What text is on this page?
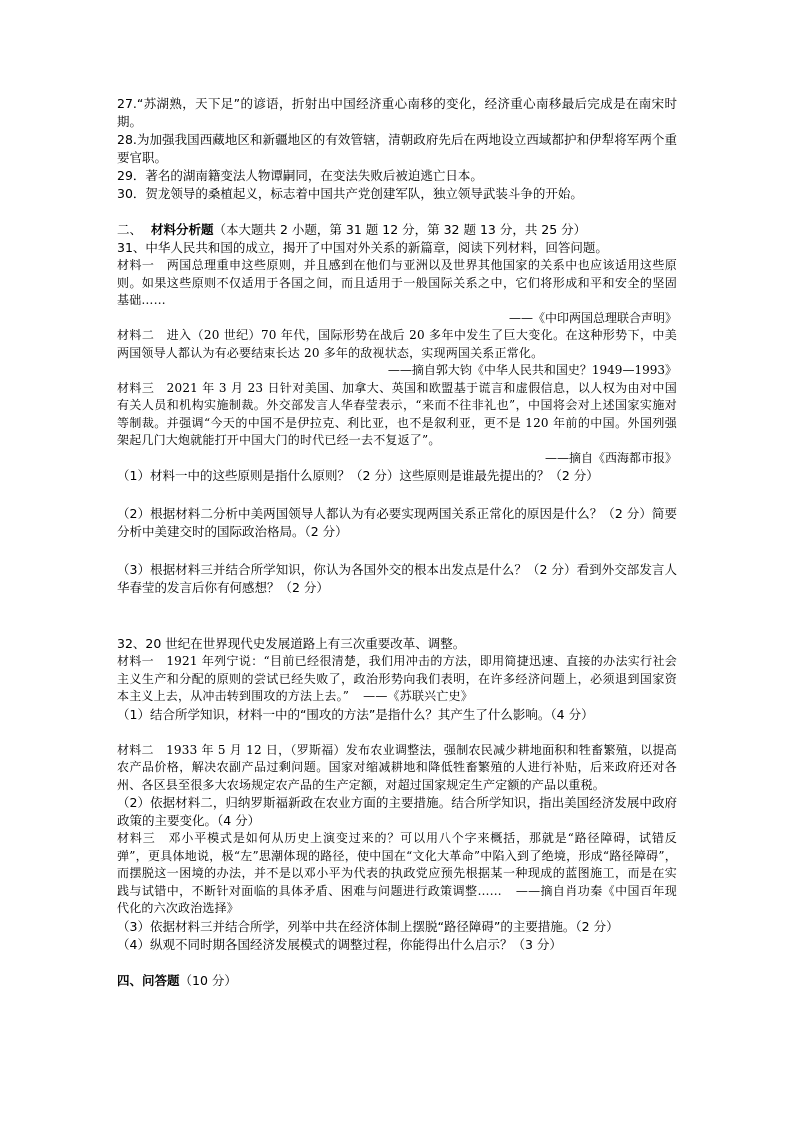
27.“苏湖熟，天下足”的谚语，折射出中国经济重心南移的变化，经济重心南移最后完成是在南宋时期。

28.为加强我国西藏地区和新疆地区的有效管辖，清朝政府先后在两地设立西域都护和伊犁将军两个重要官职。

29．著名的湖南籍变法人物谭嗣同，在变法失败后被迫逃亡日本。

30．贺龙领导的桑植起义，标志着中国共产党创建军队，独立领导武装斗争的开始。

二、 材料分析题（本大题共 2 小题，第 31 题 12 分，第 32 题 13 分，共 25 分）

31、中华人民共和国的成立，揭开了中国对外关系的新篇章，阅读下列材料，回答问题。

材料一　两国总理重申这些原则，并且感到在他们与亚洲以及世界其他国家的关系中也应该适用这些原则。如果这些原则不仅适用于各国之间，而且适用于一般国际关系之中，它们将形成和平和安全的坚固基础……

——《中印两国总理联合声明》

材料二　进入（20 世纪）70 年代，国际形势在战后 20 多年中发生了巨大变化。在这种形势下，中美两国领导人都认为有必要结束长达 20 多年的敌视状态，实现两国关系正常化。

——摘自郭大钧《中华人民共和国史？1949—1993》

材料三　2021 年 3 月 23 日针对美国、加拿大、英国和欧盟基于谎言和虚假信息，以人权为由对中国有关人员和机构实施制裁。外交部发言人华春莹表示，“来而不往非礼也”，中国将会对上述国家实施对等制裁。并强调“今天的中国不是伊拉克、利比亚，也不是叙利亚，更不是 120 年前的中国。外国列强架起几门大炮就能打开中国大门的时代已经一去不复返了”。

——摘自《西海都市报》

（1）材料一中的这些原则是指什么原则？（2 分）这些原则是谁最先提出的？（2 分）

（2）根据材料二分析中美两国领导人都认为有必要实现两国关系正常化的原因是什么？（2 分）简要分析中美建交时的国际政治格局。（2 分）

（3）根据材料三并结合所学知识，你认为各国外交的根本出发点是什么？（2 分）看到外交部发言人华春莹的发言后你有何感想？（2 分）

32、20 世纪在世界现代史发展道路上有三次重要改革、调整。

材料一　1921 年列宁说：“目前已经很清楚，我们用冲击的方法，即用简捷迅速、直接的办法实行社会主义生产和分配的原则的尝试已经失败了，政治形势向我们表明，在许多经济问题上，必须退到国家资本主义上去，从冲击转到围攻的方法上去。” ——《苏联兴亡史》

（1）结合所学知识，材料一中的“围攻的方法”是指什么？其产生了什么影响。（4 分）

材料二　1933 年 5 月 12 日，（罗斯福）发布农业调整法，强制农民减少耕地面积和牲畜繁殖，以提高农产品价格，解决农副产品过剩问题。国家对缩减耕地和降低牲畜繁殖的人进行补贴，后来政府还对各州、各区县至很多大农场规定农产品的生产定额，对超过国家规定生产定额的产品以重税。

（2）依据材料二，归纳罗斯福新政在农业方面的主要措施。结合所学知识，指出美国经济发展中政府政策的主要变化。（4 分）

材料三　邓小平模式是如何从历史上演变过来的？可以用八个字来概括，那就是“路径障碍，试错反弹”，更具体地说，极“左”思潮体现的路径，使中国在“文化大革命”中陷入到了绝境，形成“路径障碍”，而摆脱这一困境的办法，并不是以邓小平为代表的执政党应预先根据某一种现成的蓝图施工，而是在实践与试错中，不断针对面临的具体矛盾、困难与问题进行政策调整…… ——摘自肖功秦《中国百年现代化的六次政治选择》

（3）依据材料三并结合所学，列举中共在经济体制上摆脱“路径障碍”的主要措施。（2 分）

（4）纵观不同时期各国经济发展模式的调整过程，你能得出什么启示？（3 分）

四、问答题（10 分）
